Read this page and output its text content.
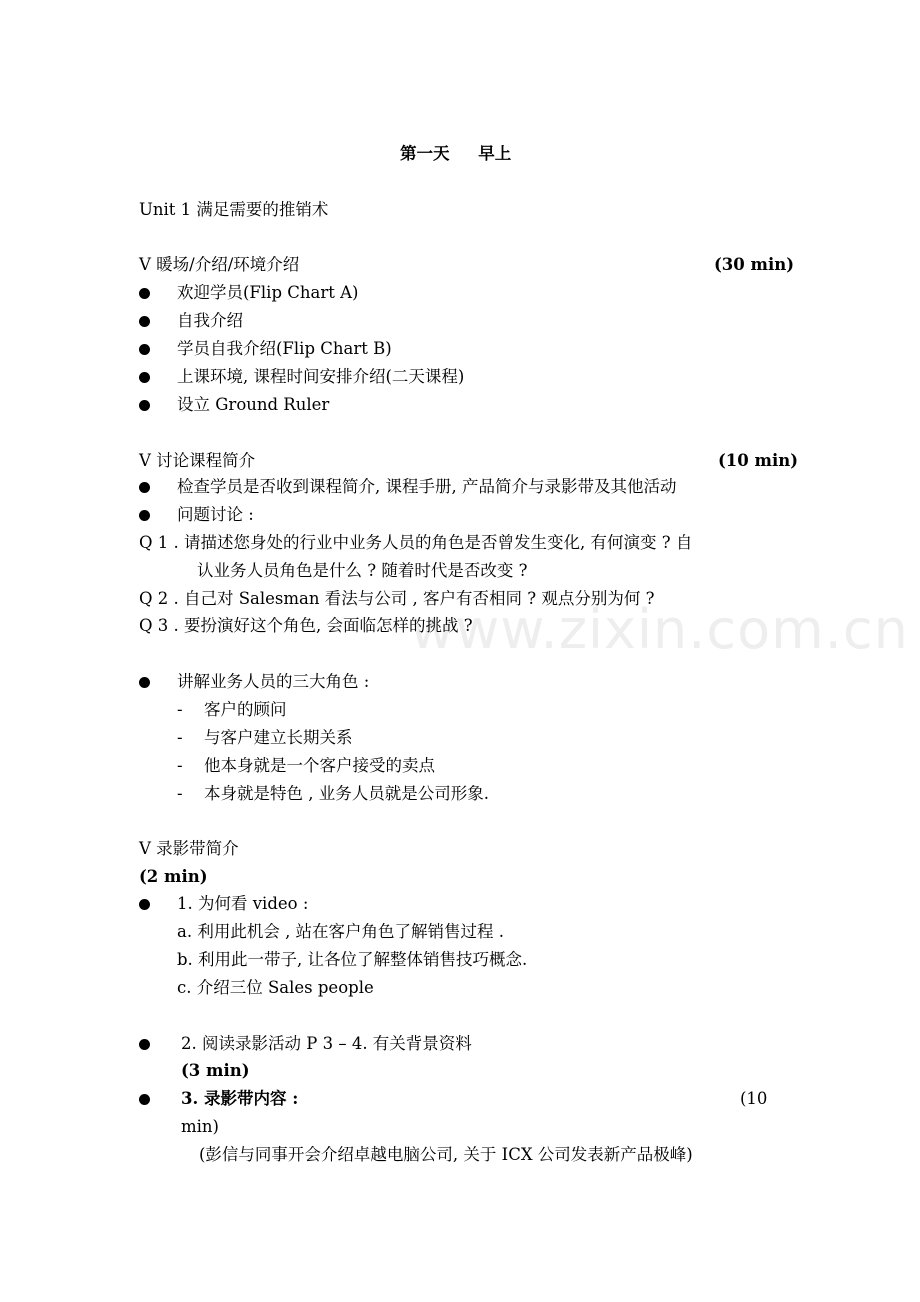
www.zixin.com.cn
第一天     早上
Unit 1 满足需要的推销术
V 暖场/介绍/环境介绍	(30 min)
欢迎学员(Flip Chart A)
自我介绍
学员自我介绍(Flip Chart B)
上课环境, 课程时间安排介绍(二天课程)
设立 Ground Ruler
V 讨论课程简介	(10 min)
检查学员是否收到课程简介, 课程手册, 产品简介与录影带及其他活动
问题讨论 :
Q 1 . 请描述您身处的行业中业务人员的角色是否曾发生变化, 有何演变 ? 自
认业务人员角色是什么 ? 随着时代是否改变 ?
Q 2 . 自己对 Salesman 看法与公司 , 客户有否相同 ? 观点分别为何 ?
Q 3 . 要扮演好这个角色, 会面临怎样的挑战 ?
讲解业务人员的三大角色 :
- 客户的顾问
- 与客户建立长期关系
- 他本身就是一个客户接受的卖点
- 本身就是特色 , 业务人员就是公司形象.
V 录影带简介
(2 min)
1. 为何看 video :
a. 利用此机会 , 站在客户角色了解销售过程 .
b. 利用此一带子, 让各位了解整体销售技巧概念.
c. 介绍三位 Sales people
2. 阅读录影活动 P 3 – 4. 有关背景资料
(3 min)
3. 录影带内容 :	(10
min)
(彭信与同事开会介绍卓越电脑公司, 关于 ICX 公司发表新产品极峰)
